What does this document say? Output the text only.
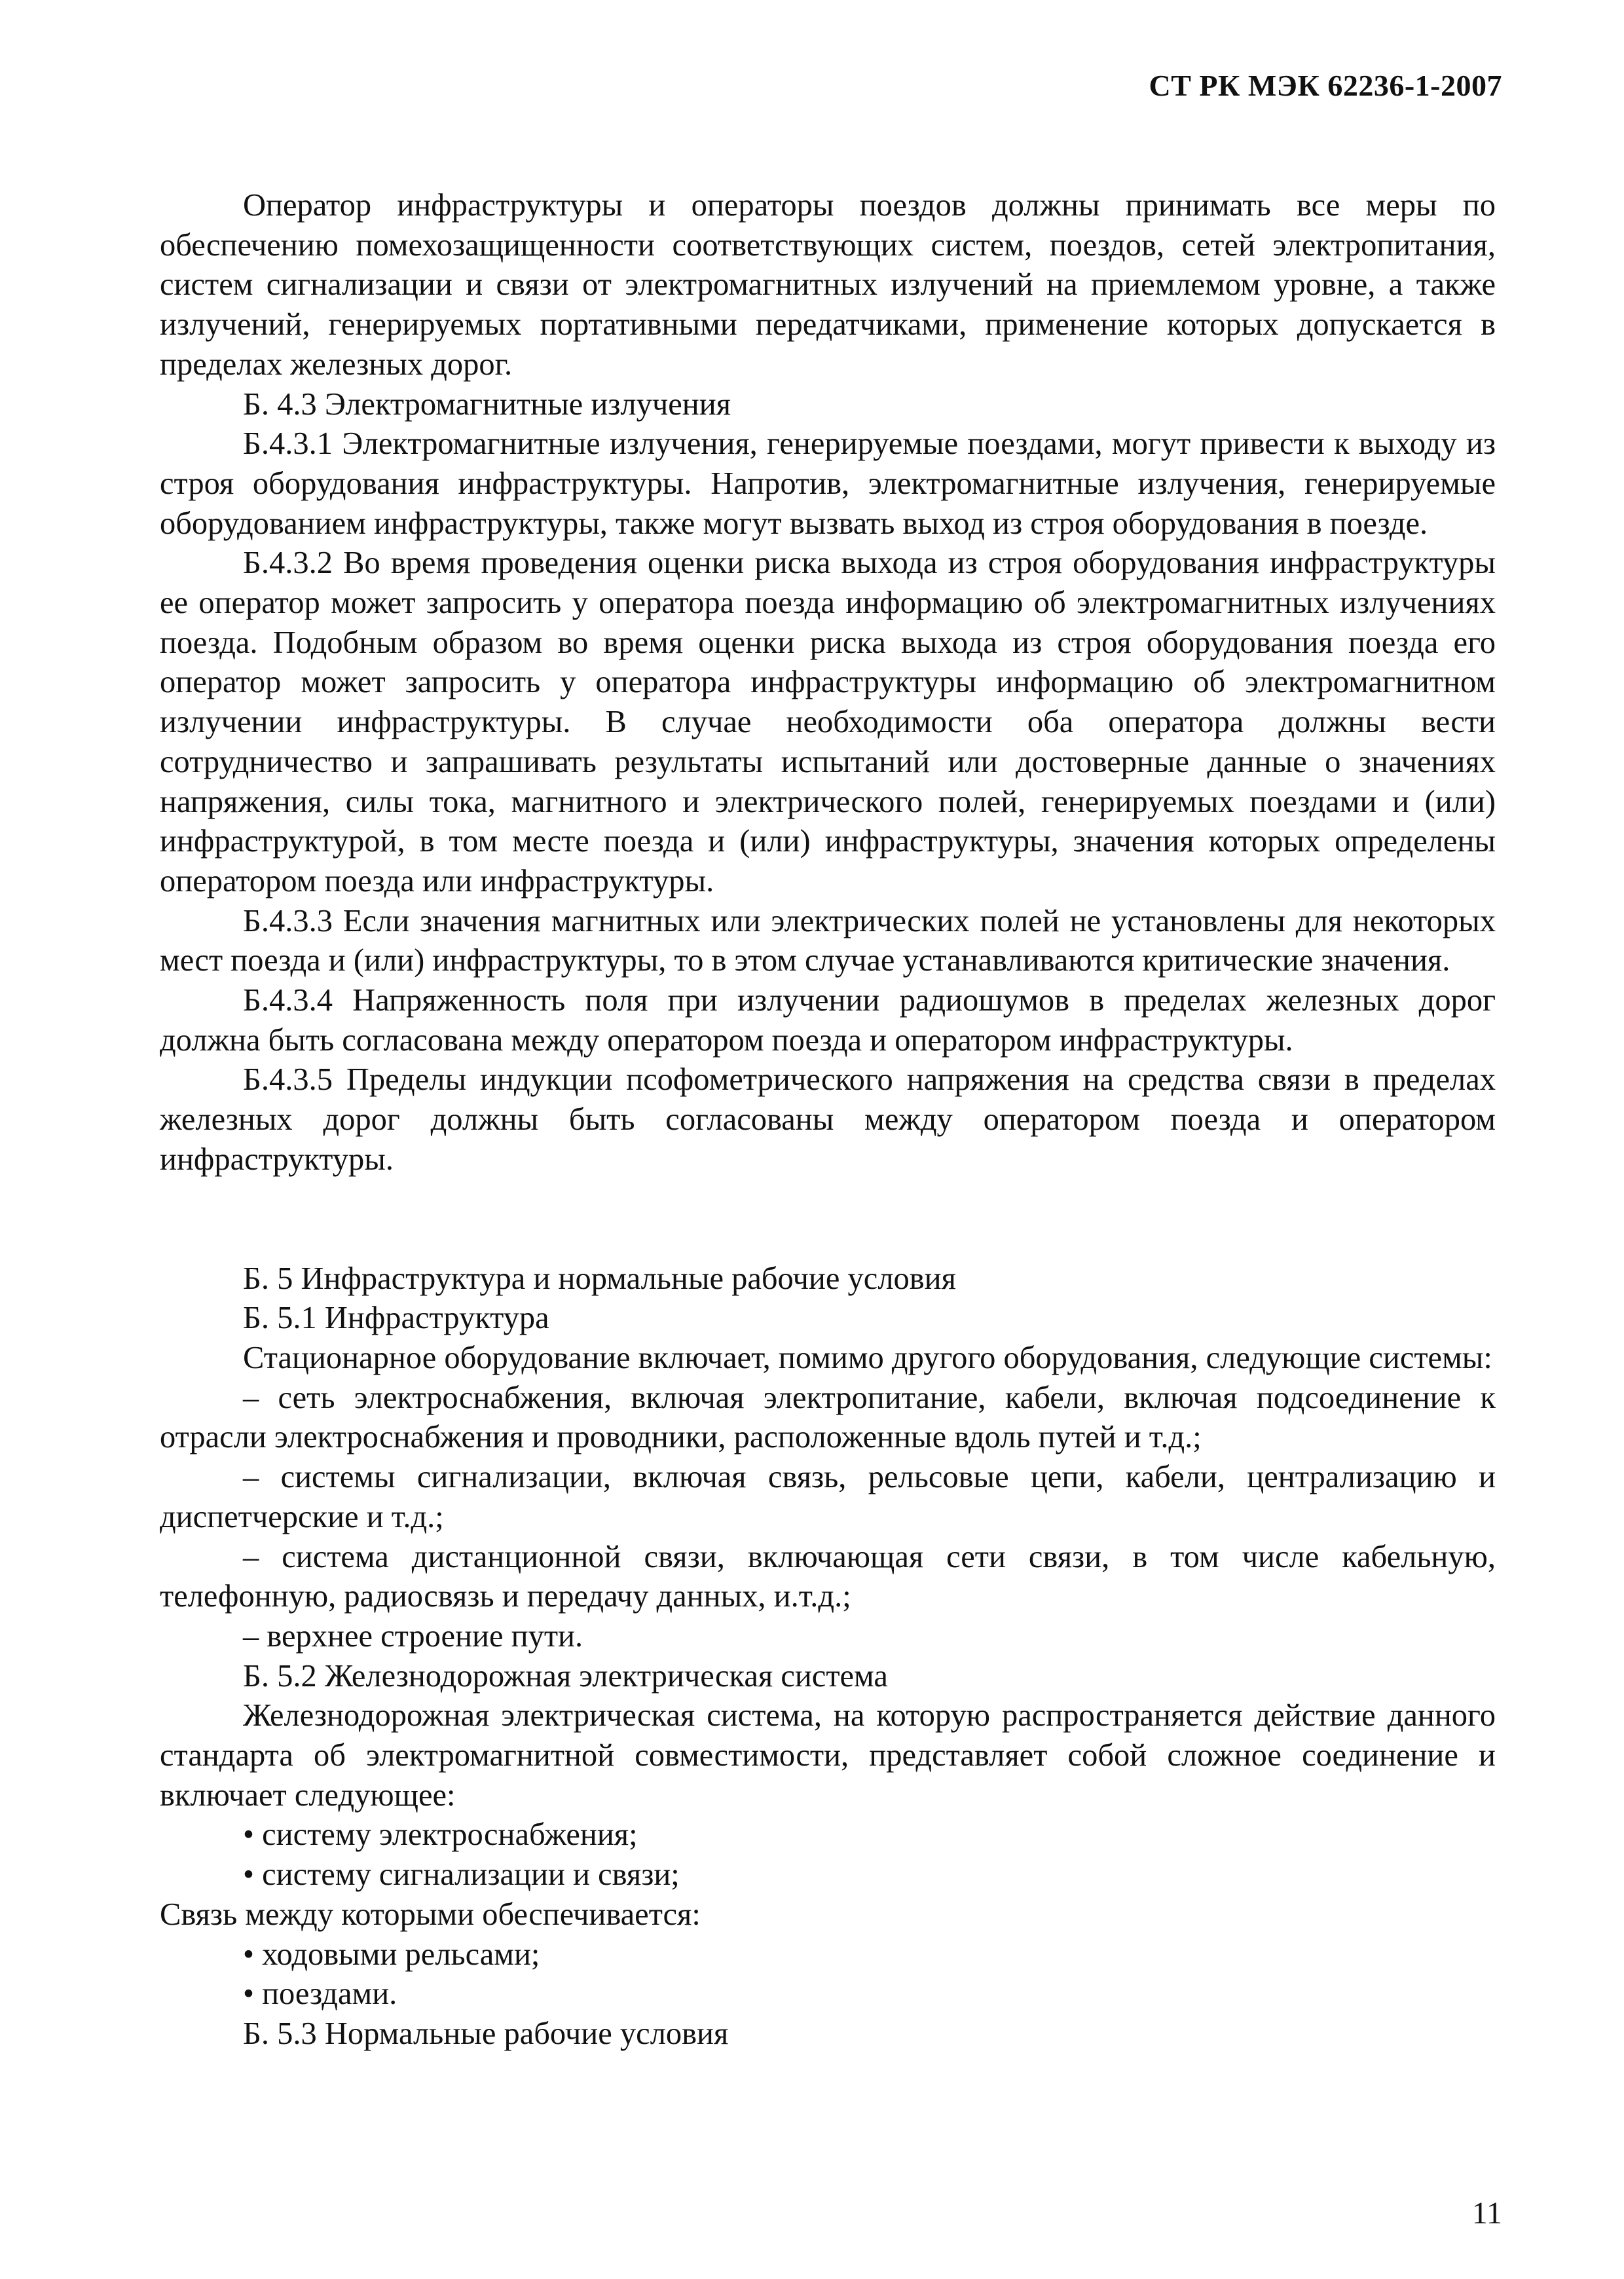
СТ РК МЭК 62236-1-2007

Оператор инфраструктуры и операторы поездов должны принимать все меры по обеспечению помехозащищенности соответствующих систем, поездов, сетей электропитания, систем сигнализации и связи от электромагнитных излучений на приемлемом уровне, а также излучений, генерируемых портативными передатчиками, применение которых допускается в пределах железных дорог.

Б. 4.3 Электромагнитные излучения

Б.4.3.1 Электромагнитные излучения, генерируемые поездами, могут привести к выходу из строя оборудования инфраструктуры. Напротив, электромагнитные излучения, генерируемые оборудованием инфраструктуры, также могут вызвать выход из строя оборудования в поезде.

Б.4.3.2 Во время проведения оценки риска выхода из строя оборудования инфраструктуры ее оператор может запросить у оператора поезда информацию об электромагнитных излучениях поезда. Подобным образом во время оценки риска выхода из строя оборудования поезда его оператор может запросить у оператора инфраструктуры информацию об электромагнитном излучении инфраструктуры. В случае необходимости оба оператора должны вести сотрудничество и запрашивать результаты испытаний или достоверные данные о значениях напряжения, силы тока, магнитного и электрического полей, генерируемых поездами и (или) инфраструктурой, в том месте поезда и (или) инфраструктуры, значения которых определены оператором поезда или инфраструктуры.

Б.4.3.3 Если значения магнитных или электрических полей не установлены для некоторых мест поезда и (или) инфраструктуры, то в этом случае устанавливаются критические значения.

Б.4.3.4 Напряженность поля при излучении радиошумов в пределах железных дорог должна быть согласована между оператором поезда и оператором инфраструктуры.

Б.4.3.5 Пределы индукции псофометрического напряжения на средства связи в пределах железных дорог должны быть согласованы между оператором поезда и оператором инфраструктуры.

Б. 5 Инфраструктура и нормальные рабочие условия

Б. 5.1 Инфраструктура

Стационарное оборудование включает, помимо другого оборудования, следующие системы:

– сеть электроснабжения, включая электропитание, кабели, включая подсоединение к отрасли электроснабжения и проводники, расположенные вдоль путей и т.д.;

– системы сигнализации, включая связь, рельсовые цепи, кабели, централизацию и диспетчерские и т.д.;

– система дистанционной связи, включающая сети связи, в том числе кабельную, телефонную, радиосвязь и передачу данных, и.т.д.;

– верхнее строение пути.

Б. 5.2 Железнодорожная электрическая система

Железнодорожная электрическая система, на которую распространяется действие данного стандарта об электромагнитной совместимости, представляет собой сложное соединение и включает следующее:

• систему электроснабжения;

• систему сигнализации и связи;

Связь между которыми обеспечивается:

• ходовыми рельсами;

• поездами.

Б. 5.3 Нормальные рабочие условия

11
